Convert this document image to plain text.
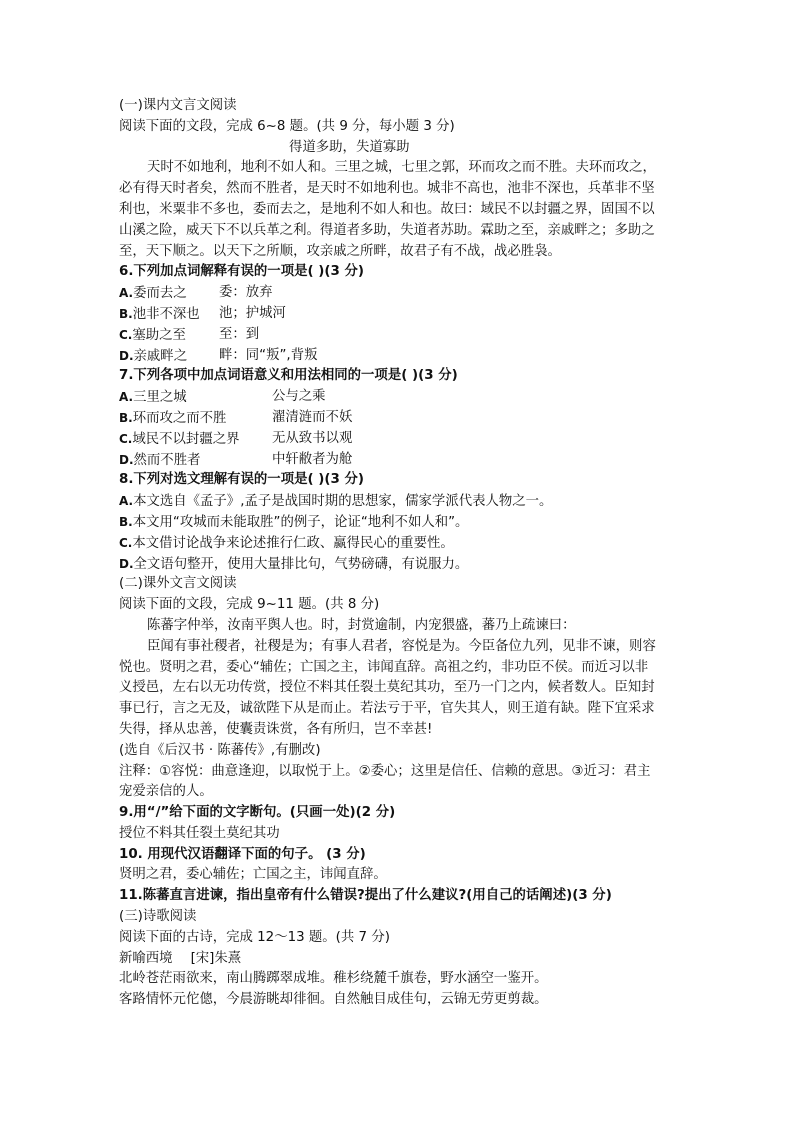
(一)课内文言文阅读
阅读下面的文段，完成 6~8 题。(共 9 分，每小题 3 分)
得道多助，失道寡助
天时不如地利，地利不如人和。三里之城，七里之郭，环而攻之而不胜。夫环而攻之，
必有得天时者矣，然而不胜者，是天时不如地利也。城非不高也，池非不深也，兵革非不坚
利也，米粟非不多也，委而去之，是地利不如人和也。故曰：域民不以封疆之界，固国不以
山溪之险，威天下不以兵革之利。得道者多助，失道者苏助。霖助之至，亲戚畔之；多助之
至，天下顺之。以天下之所顺，攻亲戚之所畔，故君子有不战，战必胜袅。
6.下列加点词解释有误的一项是( )(3 分)
A.委而去之	委：放弃
B.池非不深也	池；护城河
C.塞助之至	至：到
D.亲戚畔之	畔：同“叛”,背叛
7.下列各项中加点词语意义和用法相同的一项是( )(3 分)
A.三里之城	公与之乘
B.环而攻之而不胜	濯清涟而不妖
C.域民不以封疆之界	无从致书以观
D.然而不胜者	中轩敝者为舱
8.下列对选文理解有误的一项是( )(3 分)
A.本文选自《孟子》,孟子是战国时期的思想家，儒家学派代表人物之一。
B.本文用“攻城而未能取胜”的例子，论证“地利不如人和”。
C.本文借讨论战争来论述推行仁政、赢得民心的重要性。
D.全文语句整开，使用大量排比句，气势磅礴，有说服力。
(二)课外文言文阅读
阅读下面的文段，完成 9~11 题。(共 8 分)
陈蕃字仲举，汝南平舆人也。时，封赏逾制，内宠猥盛，蕃乃上疏谏曰：
臣闻有事社稷者，社稷是为；有事人君者，容悦是为。今臣备位九列，见非不谏，则容
悦也。贤明之君，委心“辅佐；亡国之主，讳闻直辞。高祖之约，非功臣不侯。而近习以非
义授邑，左右以无功传赏，授位不料其任裂土莫纪其功，至乃一门之内，候者数人。臣知封
事已行，言之无及，诚欲陛下从是而止。若法亏于平，官失其人，则王道有缺。陛下宜采求
失得，择从忠善，使囊责诛赏，各有所归，岂不幸甚!
(选自《后汉书 · 陈蕃传》,有删改)
注释：①容悦：曲意逢迎，以取悦于上。②委心；这里是信任、信赖的意思。③近习：君主
宠爱亲信的人。
9.用“/”给下面的文字断句。(只画一处)(2 分)
授位不料其任裂土莫纪其功
10. 用现代汉语翻译下面的句子。 (3 分)
贤明之君，委心辅佐；亡国之主，讳闻直辞。
11.陈蕃直言进谏，指出皇帝有什么错误?提出了什么建议?(用自己的话阐述)(3 分)
(三)诗歌阅读
阅读下面的古诗，完成 12～13 题。(共 7 分)
新喻西境 [宋]朱熹
北岭苍茫雨欲来，南山腾踯翠成堆。稚杉绕麓千旗卷，野水涵空一鉴开。
客路情怀元佗傯，今晨游眺却徘徊。自然触目成佳句，云锦无劳更剪裁。
